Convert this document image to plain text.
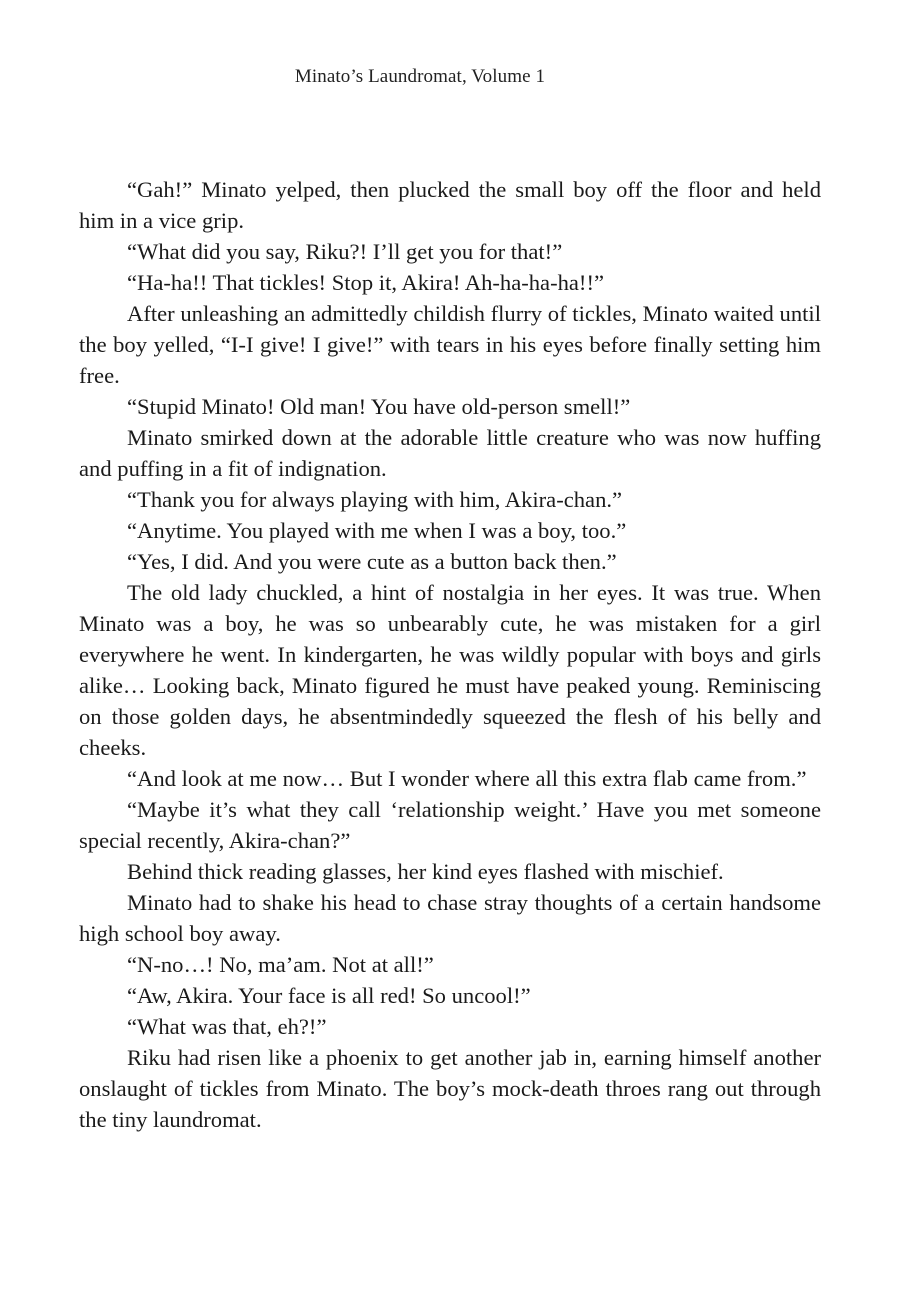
Minato’s Laundromat, Volume 1

“Gah!” Minato yelped, then plucked the small boy off the floor and held him in a vice grip.

“What did you say, Riku?! I’ll get you for that!”

“Ha-ha!! That tickles! Stop it, Akira! Ah-ha-ha-ha!!”

After unleashing an admittedly childish flurry of tickles, Minato waited until the boy yelled, “I-I give! I give!” with tears in his eyes before finally setting him free.

“Stupid Minato! Old man! You have old-person smell!”

Minato smirked down at the adorable little creature who was now huffing and puffing in a fit of indignation.

“Thank you for always playing with him, Akira-chan.”

“Anytime. You played with me when I was a boy, too.”

“Yes, I did. And you were cute as a button back then.”

The old lady chuckled, a hint of nostalgia in her eyes. It was true. When Minato was a boy, he was so unbearably cute, he was mistaken for a girl everywhere he went. In kindergarten, he was wildly popular with boys and girls alike… Looking back, Minato figured he must have peaked young. Reminiscing on those golden days, he absentmindedly squeezed the flesh of his belly and cheeks.

“And look at me now… But I wonder where all this extra flab came from.”

“Maybe it’s what they call ‘relationship weight.’ Have you met someone special recently, Akira-chan?”

Behind thick reading glasses, her kind eyes flashed with mischief.

Minato had to shake his head to chase stray thoughts of a certain handsome high school boy away.

“N-no…! No, ma’am. Not at all!”

“Aw, Akira. Your face is all red! So uncool!”

“What was that, eh?!”

Riku had risen like a phoenix to get another jab in, earning himself another onslaught of tickles from Minato. The boy’s mock-death throes rang out through the tiny laundromat.
